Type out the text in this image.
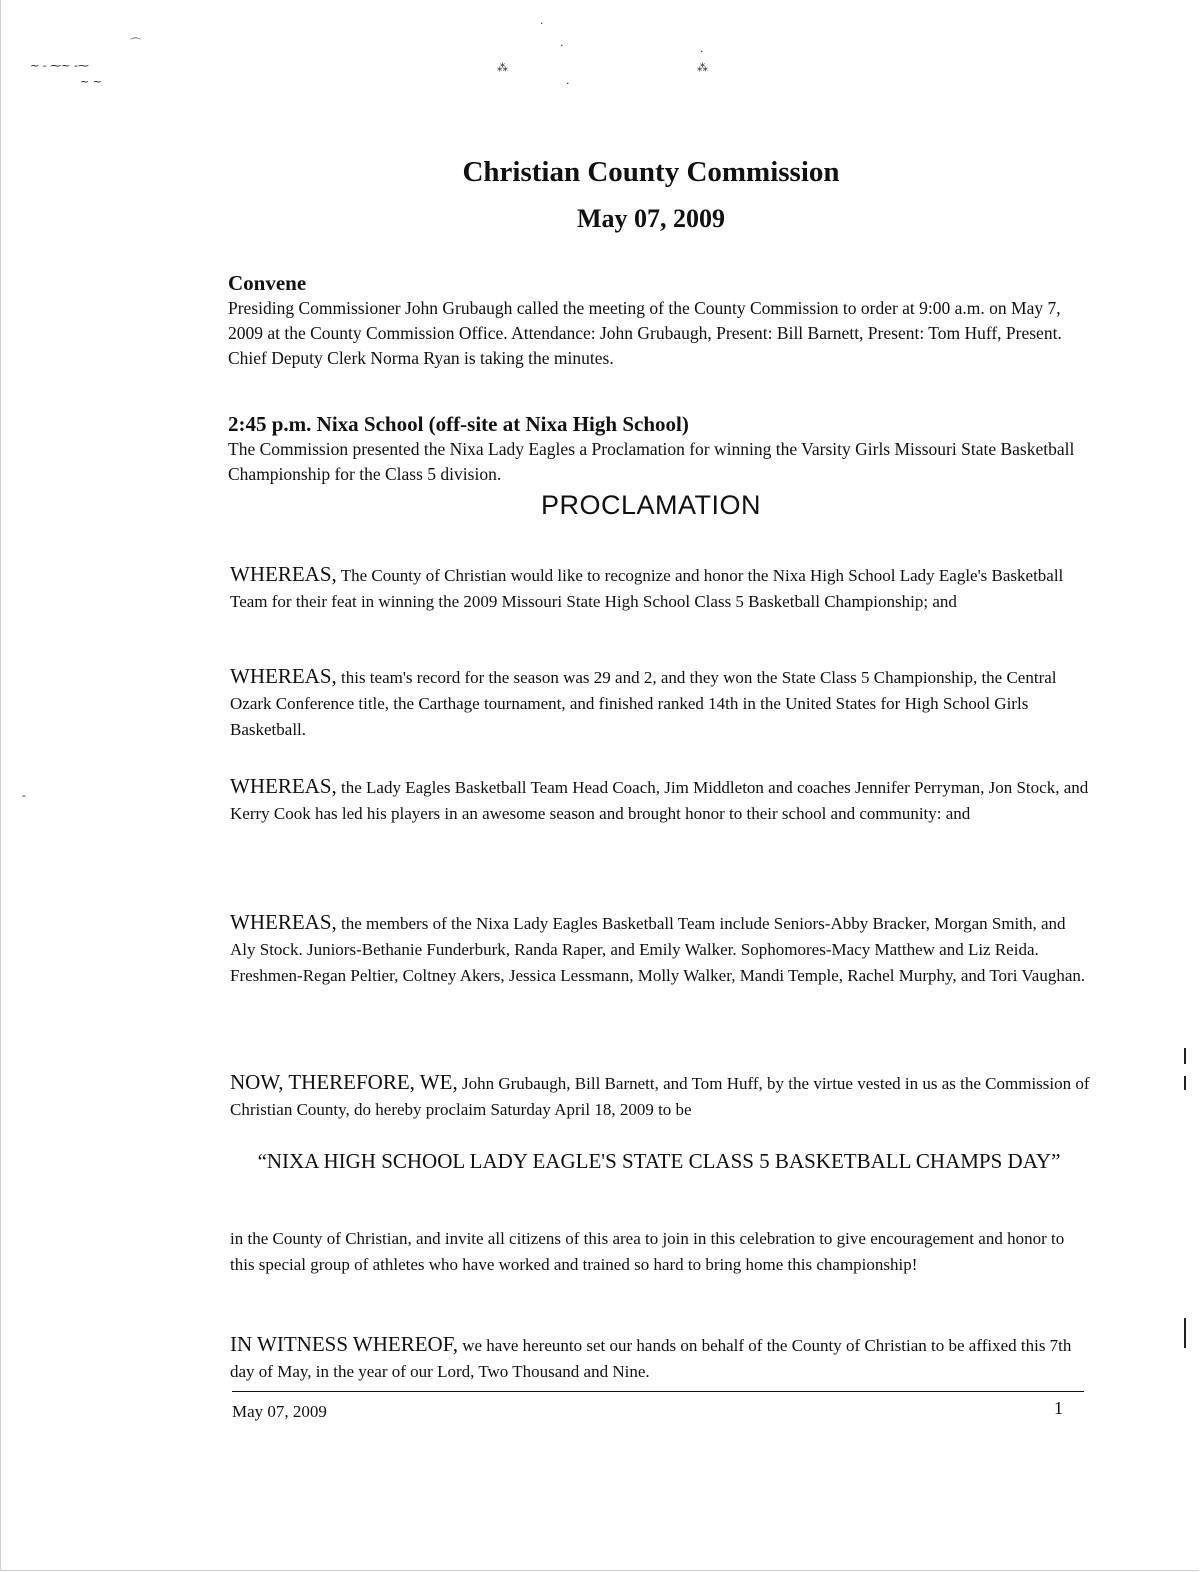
~ - ⁓~ -⁓
~ ~
⌒
·
·
⁂
·
·
⁂
-
Christian County Commission
May 07, 2009
Convene
Presiding Commissioner John Grubaugh called the meeting of the County Commission to order at 9:00 a.m. on May 7, 2009 at the County Commission Office. Attendance: John Grubaugh, Present: Bill Barnett, Present: Tom Huff, Present. Chief Deputy Clerk Norma Ryan is taking the minutes.
2:45 p.m. Nixa School (off-site at Nixa High School)
The Commission presented the Nixa Lady Eagles a Proclamation for winning the Varsity Girls Missouri State Basketball Championship for the Class 5 division.
PROCLAMATION
WHEREAS, The County of Christian would like to recognize and honor the Nixa High School Lady Eagle's Basketball Team for their feat in winning the 2009 Missouri State High School Class 5 Basketball Championship; and
WHEREAS, this team's record for the season was 29 and 2, and they won the State Class 5 Championship, the Central Ozark Conference title, the Carthage tournament, and finished ranked 14th in the United States for High School Girls Basketball.
WHEREAS, the Lady Eagles Basketball Team Head Coach, Jim Middleton and coaches Jennifer Perryman, Jon Stock, and Kerry Cook has led his players in an awesome season and brought honor to their school and community: and
WHEREAS, the members of the Nixa Lady Eagles Basketball Team include Seniors-Abby Bracker, Morgan Smith, and Aly Stock. Juniors-Bethanie Funderburk, Randa Raper, and Emily Walker. Sophomores-Macy Matthew and Liz Reida. Freshmen-Regan Peltier, Coltney Akers, Jessica Lessmann, Molly Walker, Mandi Temple, Rachel Murphy, and Tori Vaughan.
NOW, THEREFORE, WE, John Grubaugh, Bill Barnett, and Tom Huff, by the virtue vested in us as the Commission of Christian County, do hereby proclaim Saturday April 18, 2009 to be
“NIXA HIGH SCHOOL LADY EAGLE'S STATE CLASS 5 BASKETBALL CHAMPS DAY”
in the County of Christian, and invite all citizens of this area to join in this celebration to give encouragement and honor to this special group of athletes who have worked and trained so hard to bring home this championship!
IN WITNESS WHEREOF, we have hereunto set our hands on behalf of the County of Christian to be affixed this 7th day of May, in the year of our Lord, Two Thousand and Nine.
May 07, 2009	1
